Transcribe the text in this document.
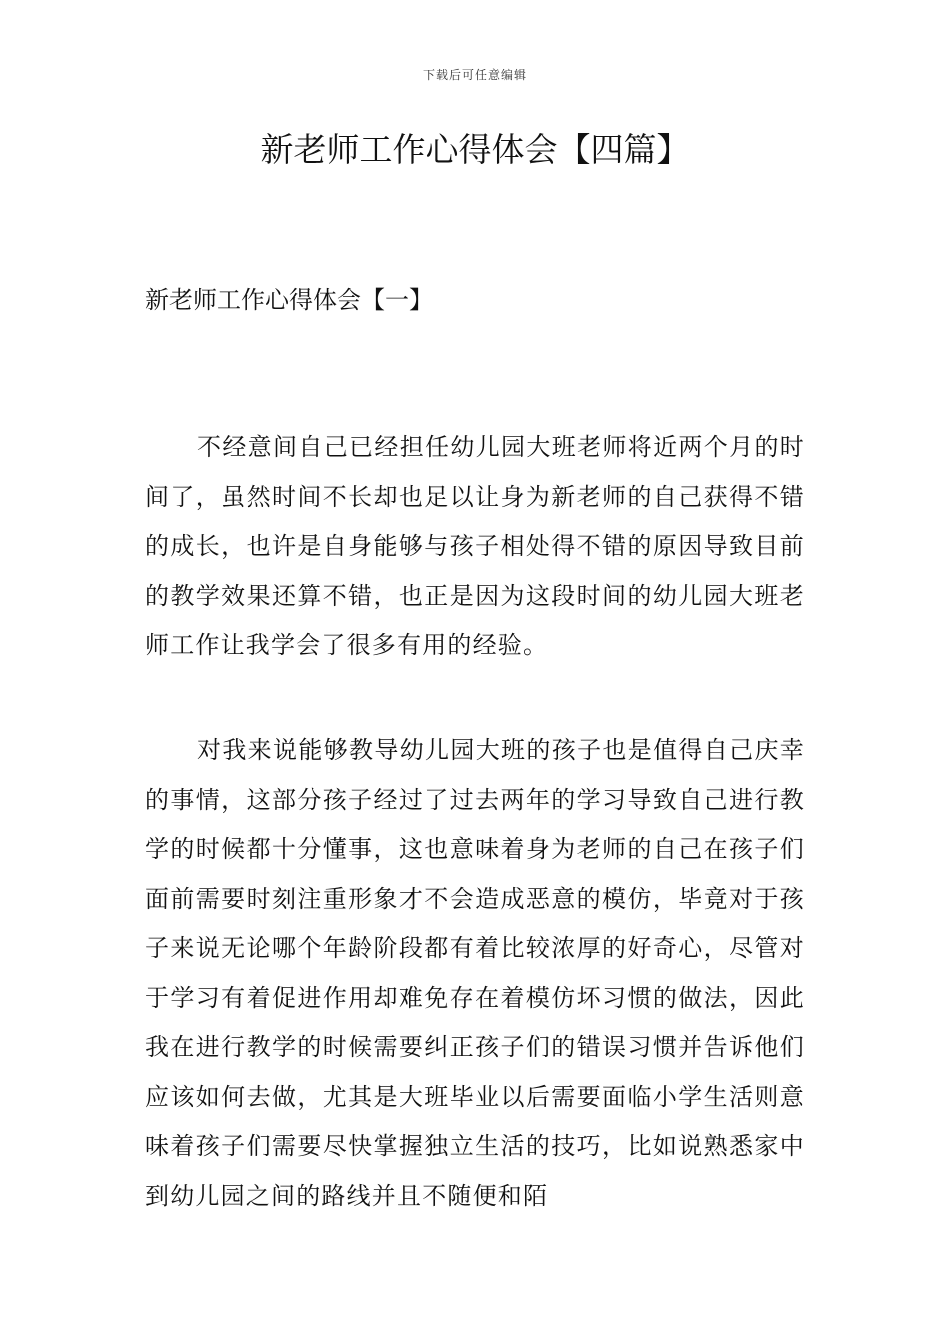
下载后可任意编辑
新老师工作心得体会【四篇】
新老师工作心得体会【一】

不经意间自己已经担任幼儿园大班老师将近两个月的时间了，虽然时间不长却也足以让身为新老师的自己获得不错的成长，也许是自身能够与孩子相处得不错的原因导致目前的教学效果还算不错，也正是因为这段时间的幼儿园大班老师工作让我学会了很多有用的经验。

对我来说能够教导幼儿园大班的孩子也是值得自己庆幸的事情，这部分孩子经过了过去两年的学习导致自己进行教学的时候都十分懂事，这也意味着身为老师的自己在孩子们面前需要时刻注重形象才不会造成恶意的模仿，毕竟对于孩子来说无论哪个年龄阶段都有着比较浓厚的好奇心，尽管对于学习有着促进作用却难免存在着模仿坏习惯的做法，因此我在进行教学的时候需要纠正孩子们的错误习惯并告诉他们应该如何去做，尤其是大班毕业以后需要面临小学生活则意味着孩子们需要尽快掌握独立生活的技巧，比如说熟悉家中到幼儿园之间的路线并且不随便和陌
